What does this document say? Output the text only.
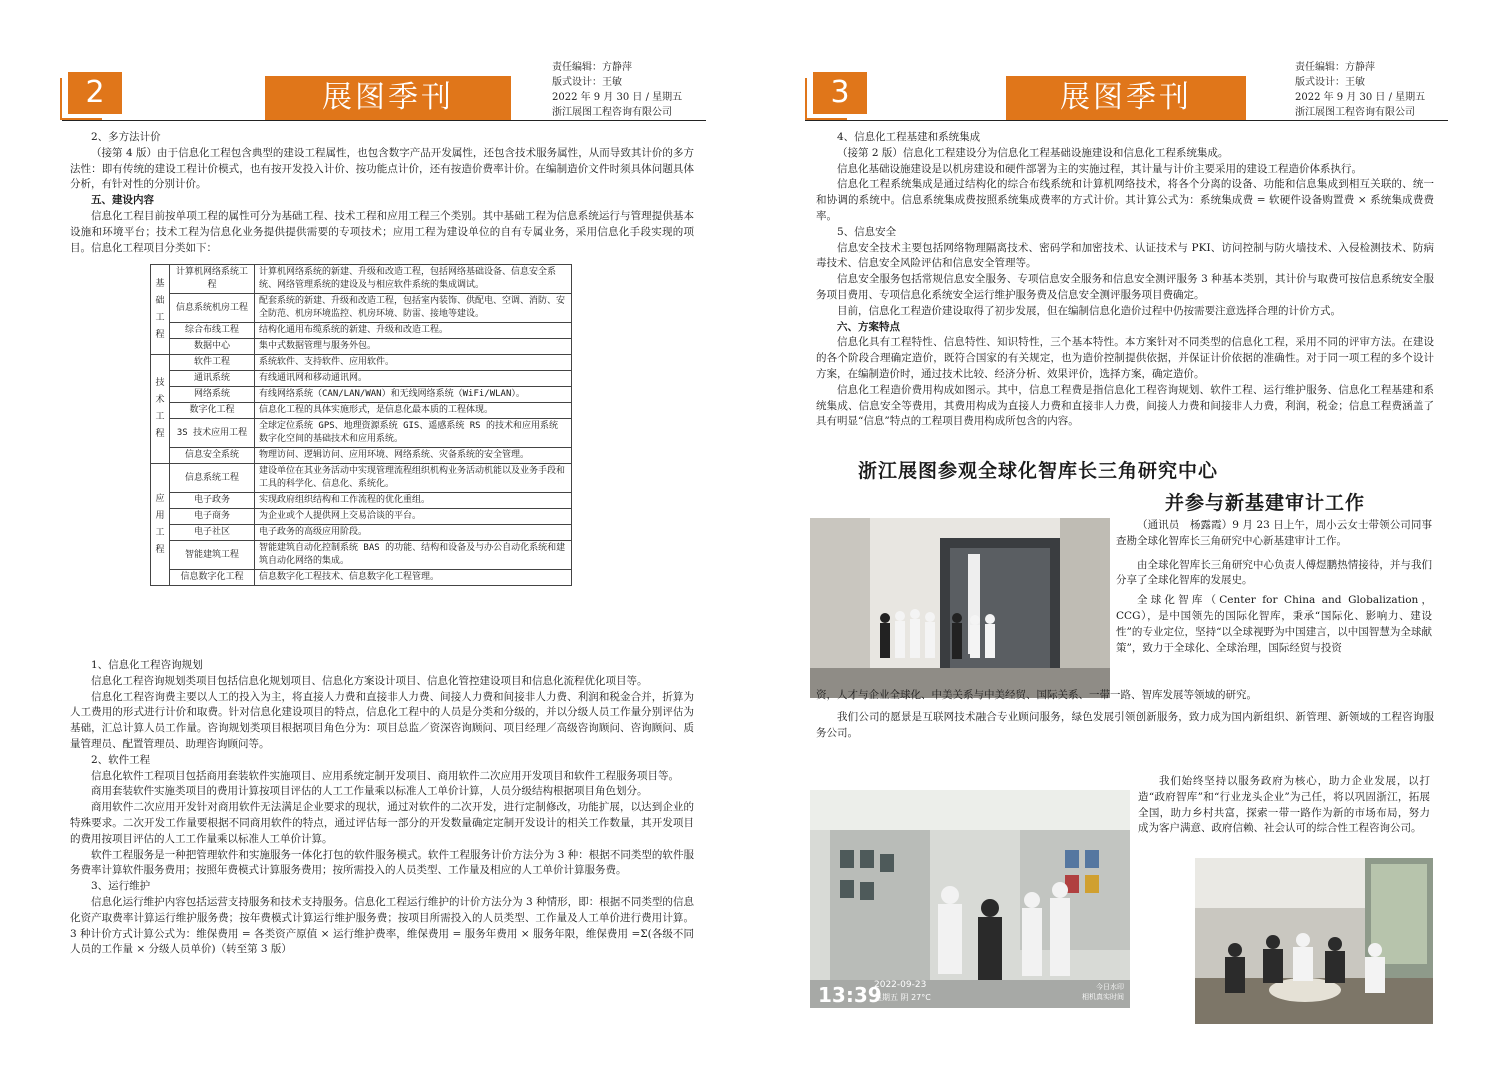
2	展图季刊
责任编辑：方静萍
版式设计：王敏
2022 年 9 月 30 日 / 星期五
浙江展图工程咨询有限公司

2、多方法计价

（接第 4 版）由于信息化工程包含典型的建设工程属性，也包含数字产品开发属性，还包含技术服务属性，从而导致其计价的多方法性：即有传统的建设工程计价模式，也有按开发投入计价、按功能点计价，还有按造价费率计价。在编制造价文件时须具体问题具体分析，有针对性的分别计价。

五、建设内容

信息化工程目前按单项工程的属性可分为基础工程、技术工程和应用工程三个类别。其中基础工程为信息系统运行与管理提供基本设施和环境平台；技术工程为信息化业务提供提供需要的专项技术；应用工程为建设单位的自有专属业务，采用信息化手段实现的项目。信息化工程项目分类如下：

基
础
工
程	计算机网络系统工程	计算机网络系统的新建、升级和改造工程，包括网络基础设备、信息安全系统、网络管理系统的建设及与相应软件系统的集成调试。
	信息系统机房工程	配套系统的新建、升级和改造工程，包括室内装饰、供配电、空调、消防、安全防范、机房环境监控、机房环境、防雷、接地等建设。
	综合布线工程	结构化通用布缆系统的新建、升级和改造工程。
	数据中心	集中式数据管理与服务外包。

技
术
工
程	软件工程	系统软件、支持软件、应用软件。
	通讯系统	有线通讯网和移动通讯网。
	网络系统	有线网络系统（CAN/LAN/WAN）和无线网络系统（WiFi/WLAN）。
	数字化工程	信息化工程的具体实施形式，是信息化最本质的工程体现。
	3S 技术应用工程	全球定位系统 GPS、地理资源系统 GIS、遥感系统 RS 的技术和应用系统数字化空间的基础技术和应用系统。
	信息安全系统	物理访问、逻辑访问、应用环境、网络系统、灾备系统的安全管理。

应
用
工
程	信息系统工程	建设单位在其业务活动中实现管理流程组织机构业务活动机能以及业务手段和工具的科学化、信息化、系统化。
	电子政务	实现政府组织结构和工作流程的优化重组。
	电子商务	为企业或个人提供网上交易洽谈的平台。
	电子社区	电子政务的高级应用阶段。
	智能建筑工程	智能建筑自动化控制系统 BAS 的功能、结构和设备及与办公自动化系统和建筑自动化网络的集成。
	信息数字化工程	信息数字化工程技术、信息数字化工程管理。

1、信息化工程咨询规划

信息化工程咨询规划类项目包括信息化规划项目、信息化方案设计项目、信息化管控建设项目和信息化流程优化项目等。

信息化工程咨询费主要以人工的投入为主，将直接人力费和直接非人力费、间接人力费和间接非人力费、利润和税金合并，折算为人工费用的形式进行计价和取费。针对信息化建设项目的特点，信息化工程中的人员是分类和分级的，并以分级人员工作量分别评估为基础，汇总计算人员工作量。咨询规划类项目根据项目角色分为：项目总监／资深咨询顾问、项目经理／高级咨询顾问、咨询顾问、质量管理员、配置管理员、助理咨询顾问等。

2、软件工程

信息化软件工程项目包括商用套装软件实施项目、应用系统定制开发项目、商用软件二次应用开发项目和软件工程服务项目等。

商用套装软件实施类项目的费用计算按项目评估的人工工作量乘以标准人工单价计算，人员分级结构根据项目角色划分。

商用软件二次应用开发针对商用软件无法满足企业要求的现状，通过对软件的二次开发，进行定制修改，功能扩展，以达到企业的特殊要求。二次开发工作量要根据不同商用软件的特点，通过评估每一部分的开发数量确定定制开发设计的相关工作数量，其开发项目的费用按项目评估的人工工作量乘以标准人工单价计算。

软件工程服务是一种把管理软件和实施服务一体化打包的软件服务模式。软件工程服务计价方法分为 3 种：根据不同类型的软件服务费率计算软件服务费用；按照年费模式计算服务费用；按所需投入的人员类型、工作量及相应的人工单价计算服务费。

3、运行维护

信息化运行维护内容包括运营支持服务和技术支持服务。信息化工程运行维护的计价方法分为 3 种情形，即：根据不同类型的信息化资产取费率计算运行维护服务费；按年费模式计算运行维护服务费；按项目所需投入的人员类型、工作量及人工单价进行费用计算。3 种计价方式计算公式为：维保费用 = 各类资产原值 × 运行维护费率，维保费用 = 服务年费用 × 服务年限，维保费用 =Σ(各级不同人员的工作量 × 分级人员单价)（转至第 3 版）

3	展图季刊
责任编辑：方静萍
版式设计：王敏
2022 年 9 月 30 日 / 星期五
浙江展图工程咨询有限公司

4、信息化工程基建和系统集成

（接第 2 版）信息化工程建设分为信息化工程基础设施建设和信息化工程系统集成。

信息化基础设施建设是以机房建设和硬件部署为主的实施过程，其计量与计价主要采用的建设工程造价体系执行。

信息化工程系统集成是通过结构化的综合布线系统和计算机网络技术，将各个分离的设备、功能和信息集成到相互关联的、统一和协调的系统中。信息系统集成费按照系统集成费率的方式计价。其计算公式为：系统集成费 = 软硬件设备购置费 × 系统集成费费率。

5、信息安全

信息安全技术主要包括网络物理隔离技术、密码学和加密技术、认证技术与 PKI、访问控制与防火墙技术、入侵检测技术、防病毒技术、信息安全风险评估和信息安全管理等。

信息安全服务包括常规信息安全服务、专项信息安全服务和信息安全测评服务 3 种基本类别，其计价与取费可按信息系统安全服务项目费用、专项信息化系统安全运行维护服务费及信息安全测评服务项目费确定。

目前，信息化工程造价建设取得了初步发展，但在编制信息化造价过程中仍按需要注意选择合理的计价方式。

六、方案特点

信息化具有工程特性、信息特性、知识特性，三个基本特性。本方案针对不同类型的信息化工程，采用不同的评审方法。在建设的各个阶段合理确定造价，既符合国家的有关规定，也为造价控制提供依据，并保证计价依据的准确性。对于同一项工程的多个设计方案，在编制造价时，通过技术比较、经济分析、效果评价，选择方案，确定造价。

信息化工程造价费用构成如图示。其中，信息工程费是指信息化工程咨询规划、软件工程、运行维护服务、信息化工程基建和系统集成、信息安全等费用，其费用构成为直接人力费和直接非人力费，间接人力费和间接非人力费，利润，税金；信息工程费涵盖了具有明显“信息”特点的工程项目费用构成所包含的内容。

浙江展图参观全球化智库长三角研究中心
并参与新基建审计工作

（通讯员　杨露霞）9 月 23 日上午，周小云女士带领公司同事查勘全球化智库长三角研究中心新基建审计工作。

由全球化智库长三角研究中心负责人傅煜鹏热情接待，并与我们分享了全球化智库的发展史。

全球化智库（Center for China and Globalization，CCG），是中国领先的国际化智库，秉承“国际化、影响力、建设性”的专业定位，坚持“以全球视野为中国建言，以中国智慧为全球献策”，致力于全球化、全球治理，国际经贸与投资

资，人才与企业全球化、中美关系与中美经贸、国际关系、一带一路、智库发展等领域的研究。

我们公司的愿景是互联网技术融合专业顾问服务，绿色发展引领创新服务，致力成为国内新组织、新管理、新领域的工程咨询服务公司。

13:39
2022-09-23
星期五 阴 27°C
今日水印
相机真实时间

我们始终坚持以服务政府为核心，助力企业发展，以打造“政府智库”和“行业龙头企业”为己任，将以巩固浙江，拓展全国，助力乡村共富，探索一带一路作为新的市场布局，努力成为客户满意、政府信赖、社会认可的综合性工程咨询公司。
